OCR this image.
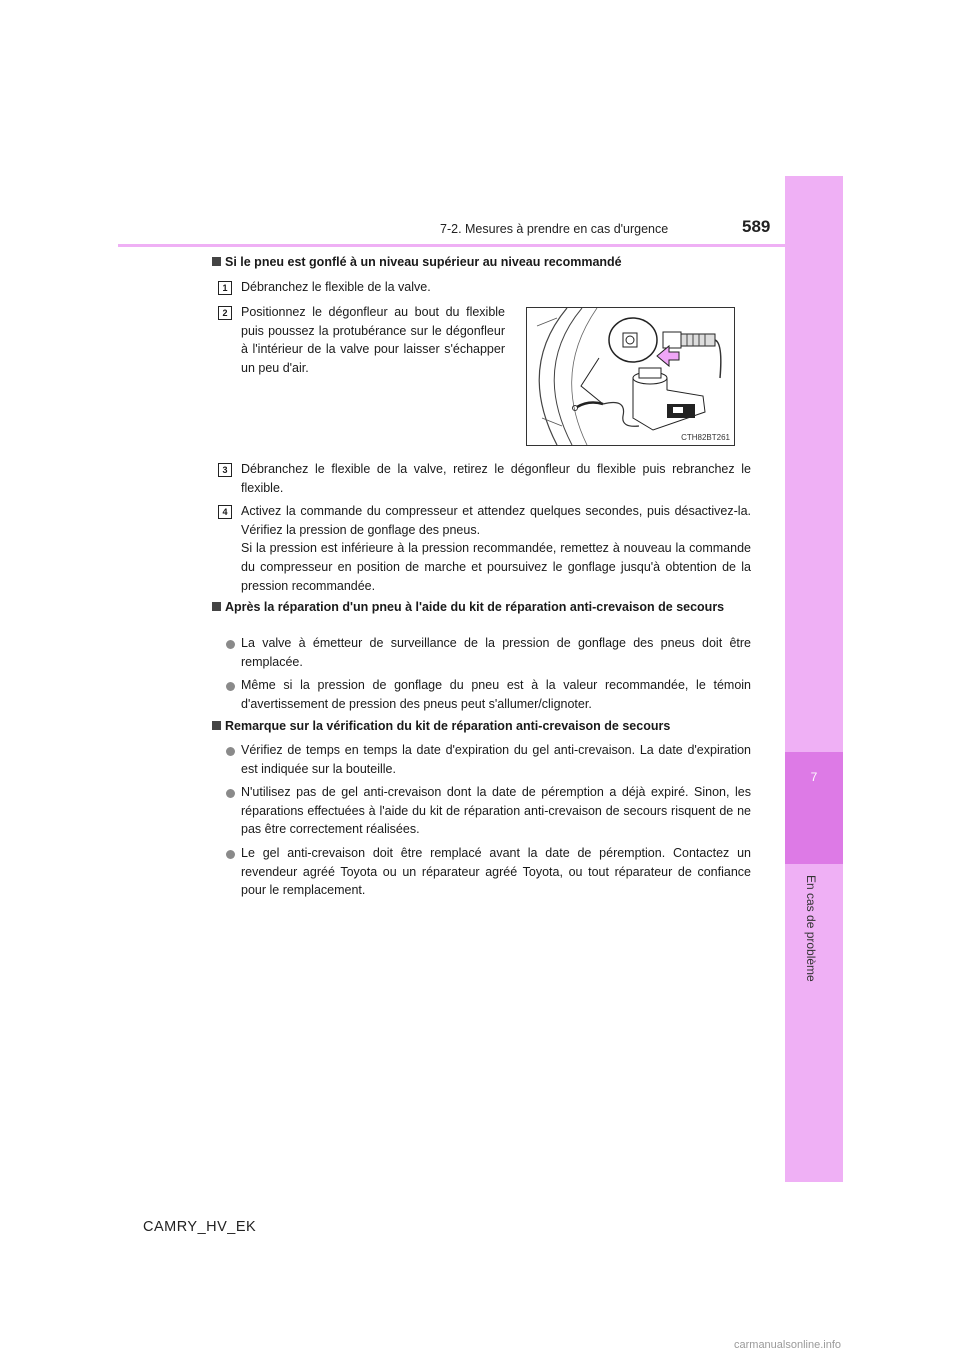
7
En cas de problème
7-2. Mesures à prendre en cas d'urgence	589
Si le pneu est gonflé à un niveau supérieur au niveau recommandé
1	Débranchez le flexible de la valve.
2	Positionnez le dégonfleur au bout du flexible puis poussez la protubérance sur le dégonfleur à l'intérieur de la valve pour laisser s'échapper un peu d'air.
CTH82BT261
3	Débranchez le flexible de la valve, retirez le dégonfleur du flexible puis rebranchez le flexible.
4	Activez la commande du compresseur et attendez quelques secondes, puis désactivez-la. Vérifiez la pression de gonflage des pneus.
Si la pression est inférieure à la pression recommandée, remettez à nouveau la commande du compresseur en position de marche et poursuivez le gonflage jusqu'à obtention de la pression recommandée.
Après la réparation d'un pneu à l'aide du kit de réparation anti-crevaison de secours
La valve à émetteur de surveillance de la pression de gonflage des pneus doit être remplacée.
Même si la pression de gonflage du pneu est à la valeur recommandée, le témoin d'avertissement de pression des pneus peut s'allumer/clignoter.
Remarque sur la vérification du kit de réparation anti-crevaison de secours
Vérifiez de temps en temps la date d'expiration du gel anti-crevaison. La date d'expiration est indiquée sur la bouteille.
N'utilisez pas de gel anti-crevaison dont la date de péremption a déjà expiré. Sinon, les réparations effectuées à l'aide du kit de réparation anti-crevaison de secours risquent de ne pas être correctement réalisées.
Le gel anti-crevaison doit être remplacé avant la date de péremption. Contactez un revendeur agréé Toyota ou un réparateur agréé Toyota, ou tout réparateur de confiance pour le remplacement.
CAMRY_HV_EK
carmanualsonline.info
